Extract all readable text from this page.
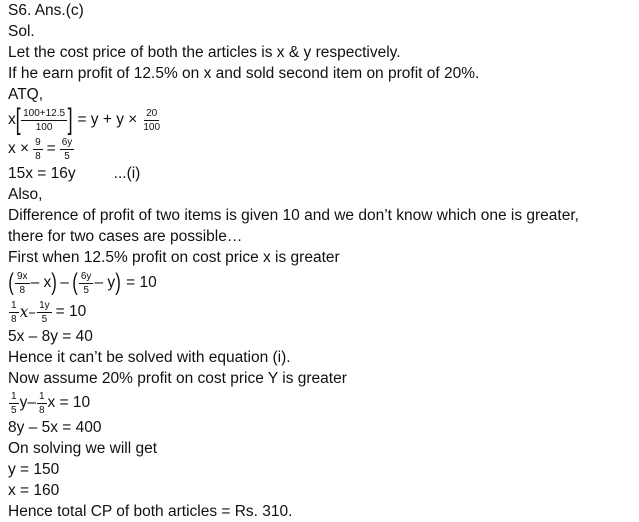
S6. Ans.(c)
Sol.
Let the cost price of both the articles is x & y respectively.
If he earn profit of 12.5% on x and sold second item on profit of 20%.
ATQ,
x [ $\frac{100+12.5}{100}$ ] = $y + y \times \frac{20}{100}$
$x \times \frac{9}{8} = \frac{6y}{5}$
15x = 16y ...(i)
Also,
Difference of profit of two items is given 10 and we don’t know which one is greater,
there for two cases are possible…
First when 12.5% profit on cost price x is greater
( $\frac{9x}{8}$ – x ) – ( $\frac{6y}{5}$ – y ) = 10
$\frac{1}{8} x- \frac{1y}{5} = 10$
5x – 8y = 40
Hence it can’t be solved with equation (i).
Now assume 20% profit on cost price Y is greater
$\frac{1}{5} y- \frac{1}{8}$ x = 10
8y – 5x = 400
On solving we will get
y = 150
x = 160
Hence total CP of both articles = Rs. 310.
